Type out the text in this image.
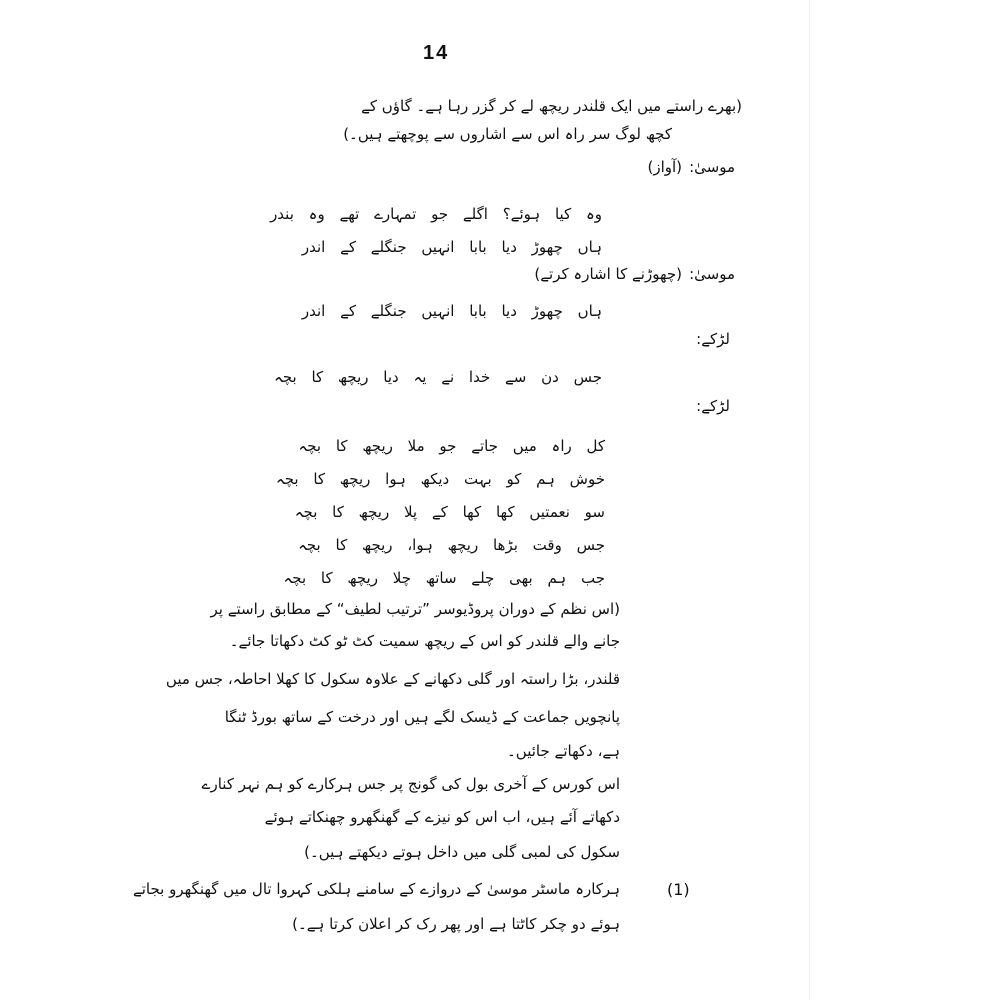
14
(بھرے راستے میں ایک قلندر ریچھ لے کر گزر رہا ہے۔ گاؤں کے
کچھ لوگ سر راہ اس سے اشاروں سے پوچھتے ہیں۔)
موسیٰ:
(آواز)
وہ کیا ہوئے؟ اگلے جو تمہارے تھے وہ بندر
ہاں چھوڑ دیا بابا انہیں جنگلے کے اندر
موسیٰ:
(چھوڑنے کا اشارہ کرتے)
ہاں چھوڑ دیا بابا انہیں جنگلے کے اندر
لڑکے:
جس دن سے خدا نے یہ دیا ریچھ کا بچہ
لڑکے:
کل راہ میں جاتے جو ملا ریچھ کا بچہ
خوش ہم کو بہت دیکھ ہوا ریچھ کا بچہ
سو نعمتیں کھا کھا کے پلا ریچھ کا بچہ
جس وقت بڑھا ریچھ ہوا، ریچھ کا بچہ
جب ہم بھی چلے ساتھ چلا ریچھ کا بچہ
(اس نظم کے دوران پروڈیوسر ”ترتیب لطیف“ کے مطابق راستے پر
جانے والے قلندر کو اس کے ریچھ سمیت کٹ ٹو کٹ دکھاتا جائے۔
قلندر، بڑا راستہ اور گلی دکھانے کے علاوہ سکول کا کھلا احاطہ، جس میں
پانچویں جماعت کے ڈیسک لگے ہیں اور درخت کے ساتھ بورڈ ٹنگا
ہے، دکھاتے جائیں۔
اس کورس کے آخری بول کی گونج پر جس ہرکارے کو ہم نہر کنارے
دکھاتے آئے ہیں، اب اس کو نیزے کے گھنگھرو چھنکاتے ہوئے
سکول کی لمبی گلی میں داخل ہوتے دیکھتے ہیں۔)
(1)
ہرکارہ ماسٹر موسیٰ کے دروازے کے سامنے ہلکی کہروا تال میں گھنگھرو بجاتے
ہوئے دو چکر کاٹتا ہے اور پھر رک کر اعلان کرتا ہے۔)
